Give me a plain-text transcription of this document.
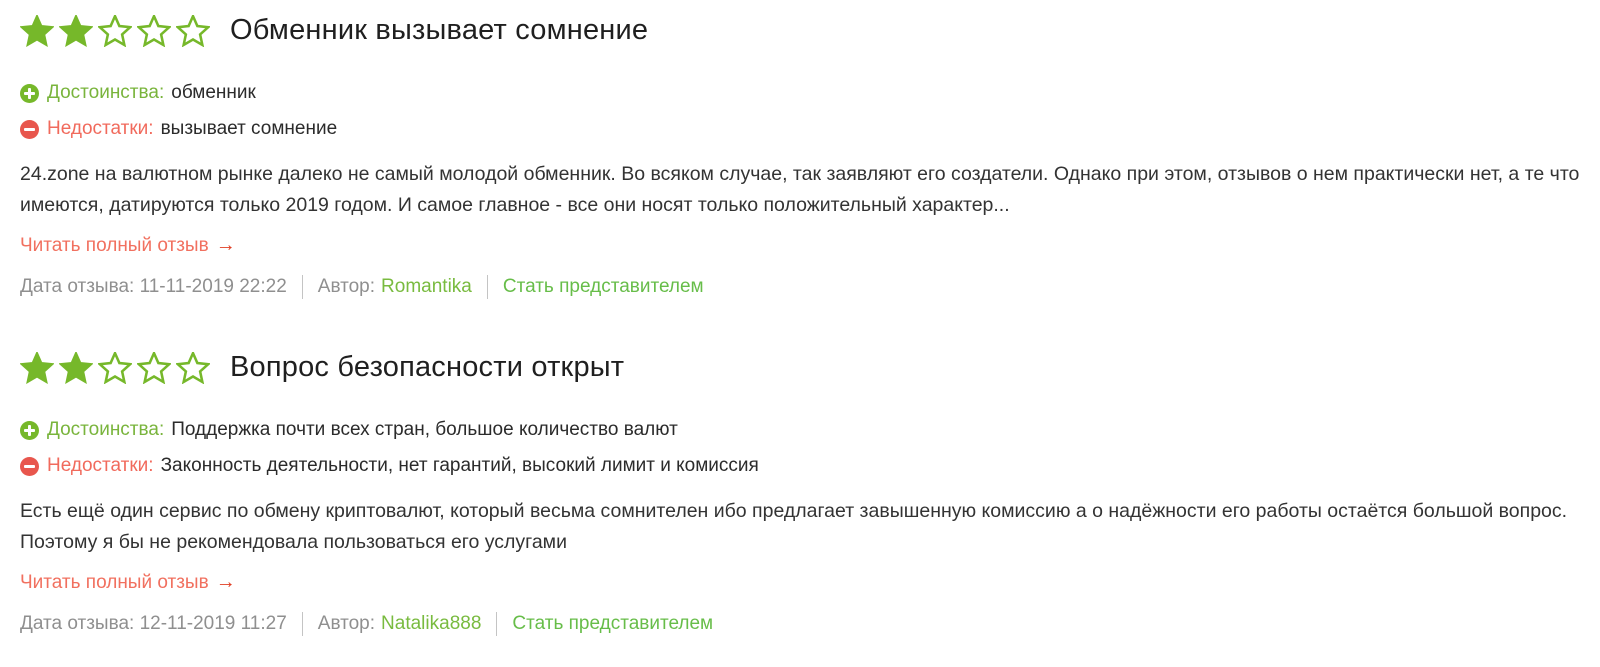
Обменник вызывает сомнение
Достоинства: обменник
Недостатки: вызывает сомнение

24.zone на валютном рынке далеко не самый молодой обменник. Во всяком случае, так заявляют его создатели. Однако при этом, отзывов о нем практически нет, а те что имеются, датируются только 2019 годом. И самое главное - все они носят только положительный характер...

Читать полный отзыв →
Дата отзыва: 11-11-2019 22:22 Автор: Romantika Стать представителем
Вопрос безопасности открыт
Достоинства: Поддержка почти всех стран, большое количество валют
Недостатки: Законность деятельности, нет гарантий, высокий лимит и комиссия

Есть ещё один сервис по обмену криптовалют, который весьма сомнителен ибо предлагает завышенную комиссию а о надёжности его работы остаётся большой вопрос. Поэтому я бы не рекомендовала пользоваться его услугами

Читать полный отзыв →
Дата отзыва: 12-11-2019 11:27 Автор: Natalika888 Стать представителем
